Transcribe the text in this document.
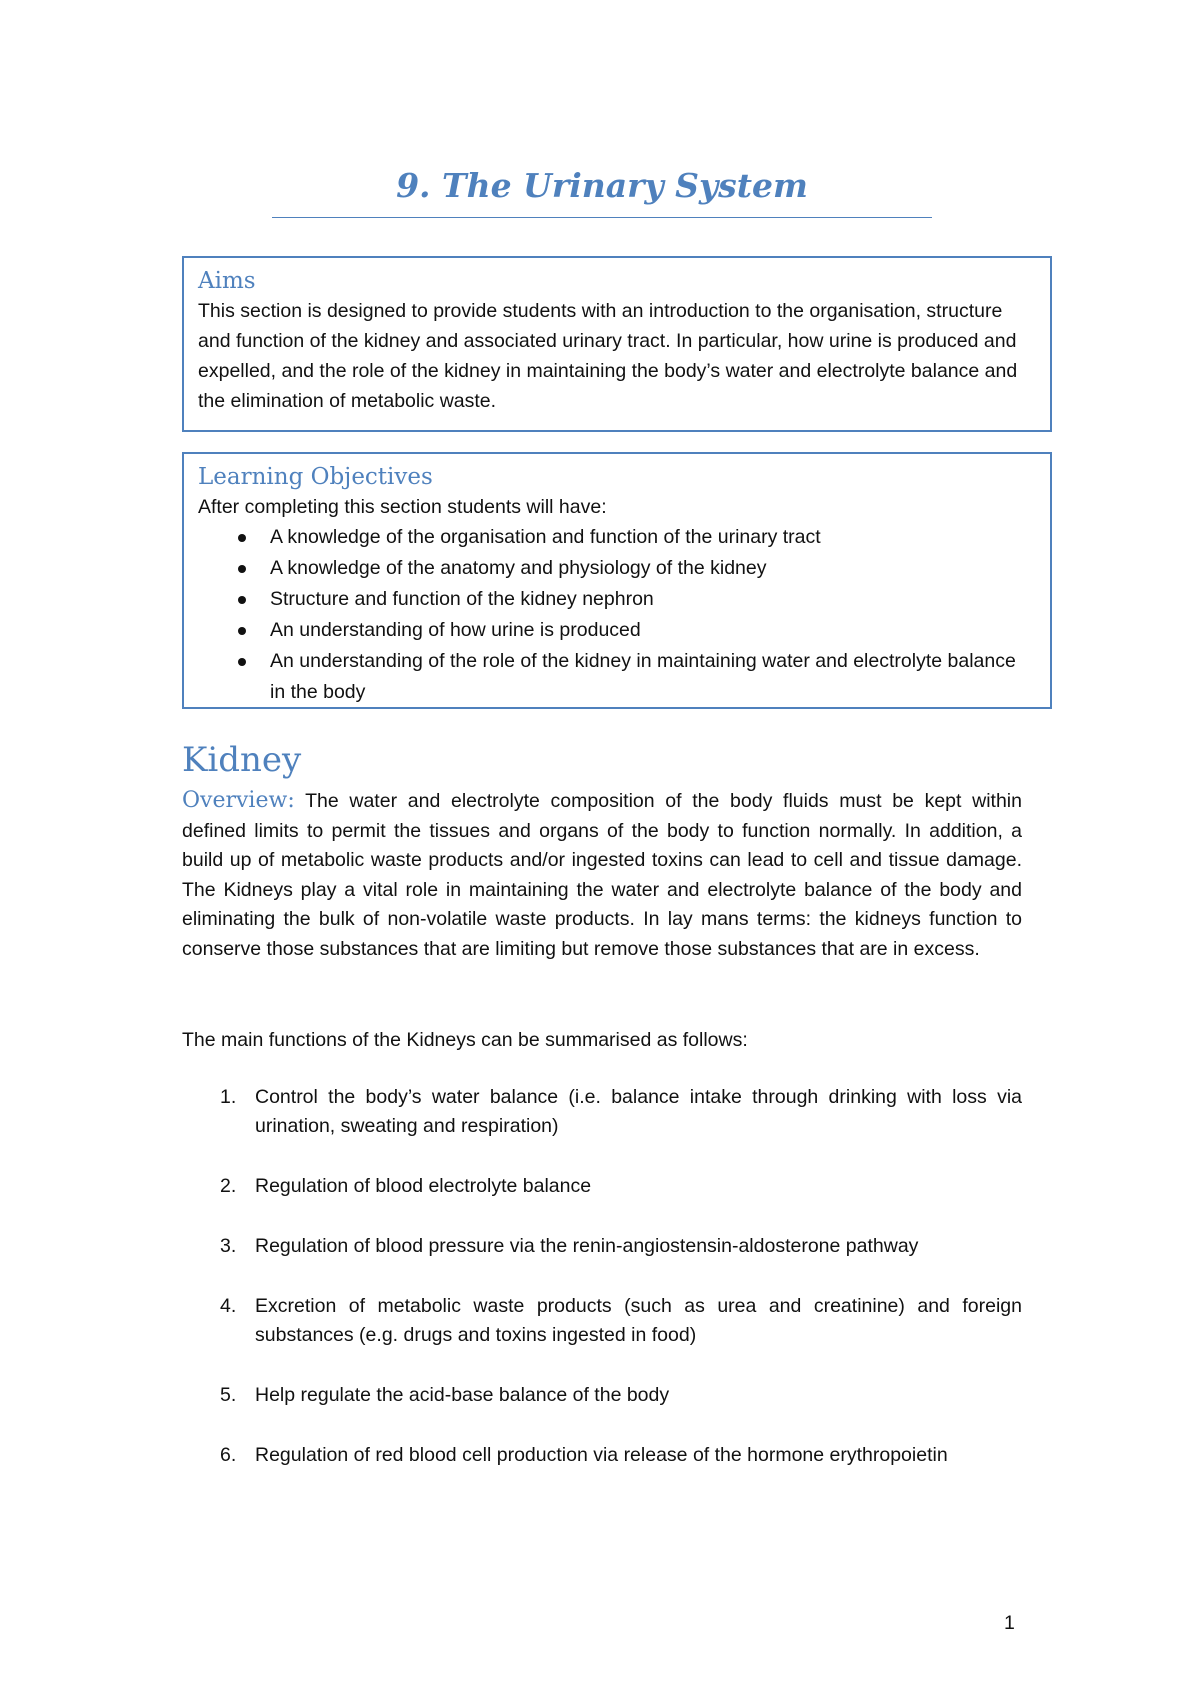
9. The Urinary System
Aims
This section is designed to provide students with an introduction to the organisation, structure and function of the kidney and associated urinary tract. In particular, how urine is produced and expelled, and the role of the kidney in maintaining the body’s water and electrolyte balance and the elimination of metabolic waste.
Learning Objectives
After completing this section students will have:
A knowledge of the organisation and function of the urinary tract
A knowledge of the anatomy and physiology of the kidney
Structure and function of the kidney nephron
An understanding of how urine is produced
An understanding of the role of the kidney in maintaining water and electrolyte balance in the body
Kidney
Overview: The water and electrolyte composition of the body fluids must be kept within defined limits to permit the tissues and organs of the body to function normally. In addition, a build up of metabolic waste products and/or ingested toxins can lead to cell and tissue damage. The Kidneys play a vital role in maintaining the water and electrolyte balance of the body and eliminating the bulk of non-volatile waste products. In lay mans terms: the kidneys function to conserve those substances that are limiting but remove those substances that are in excess.
The main functions of the Kidneys can be summarised as follows:
1. Control the body’s water balance (i.e. balance intake through drinking with loss via urination, sweating and respiration)
2. Regulation of blood electrolyte balance
3. Regulation of blood pressure via the renin-angiostensin-aldosterone pathway
4. Excretion of metabolic waste products (such as urea and creatinine) and foreign substances (e.g. drugs and toxins ingested in food)
5. Help regulate the acid-base balance of the body
6. Regulation of red blood cell production via release of the hormone erythropoietin
1
